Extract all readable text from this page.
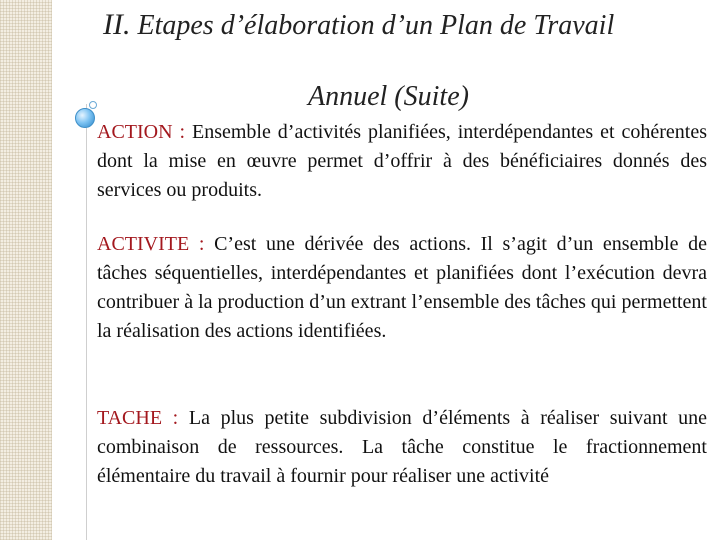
II. Etapes d’élaboration d’un Plan de Travail
Annuel (Suite)

ACTION : Ensemble d’activités planifiées, interdépendantes et cohérentes dont la mise en œuvre permet d’offrir à des bénéficiaires donnés des services ou produits.

ACTIVITE : C’est une dérivée des actions. Il s’agit d’un ensemble de tâches séquentielles, interdépendantes et planifiées dont l’exécution devra contribuer à la production d’un extrant l’ensemble des tâches qui permettent la réalisation des actions identifiées.

TACHE : La plus petite subdivision d’éléments à réaliser suivant une combinaison de ressources. La tâche constitue le fractionnement élémentaire du travail à fournir pour réaliser une activité
